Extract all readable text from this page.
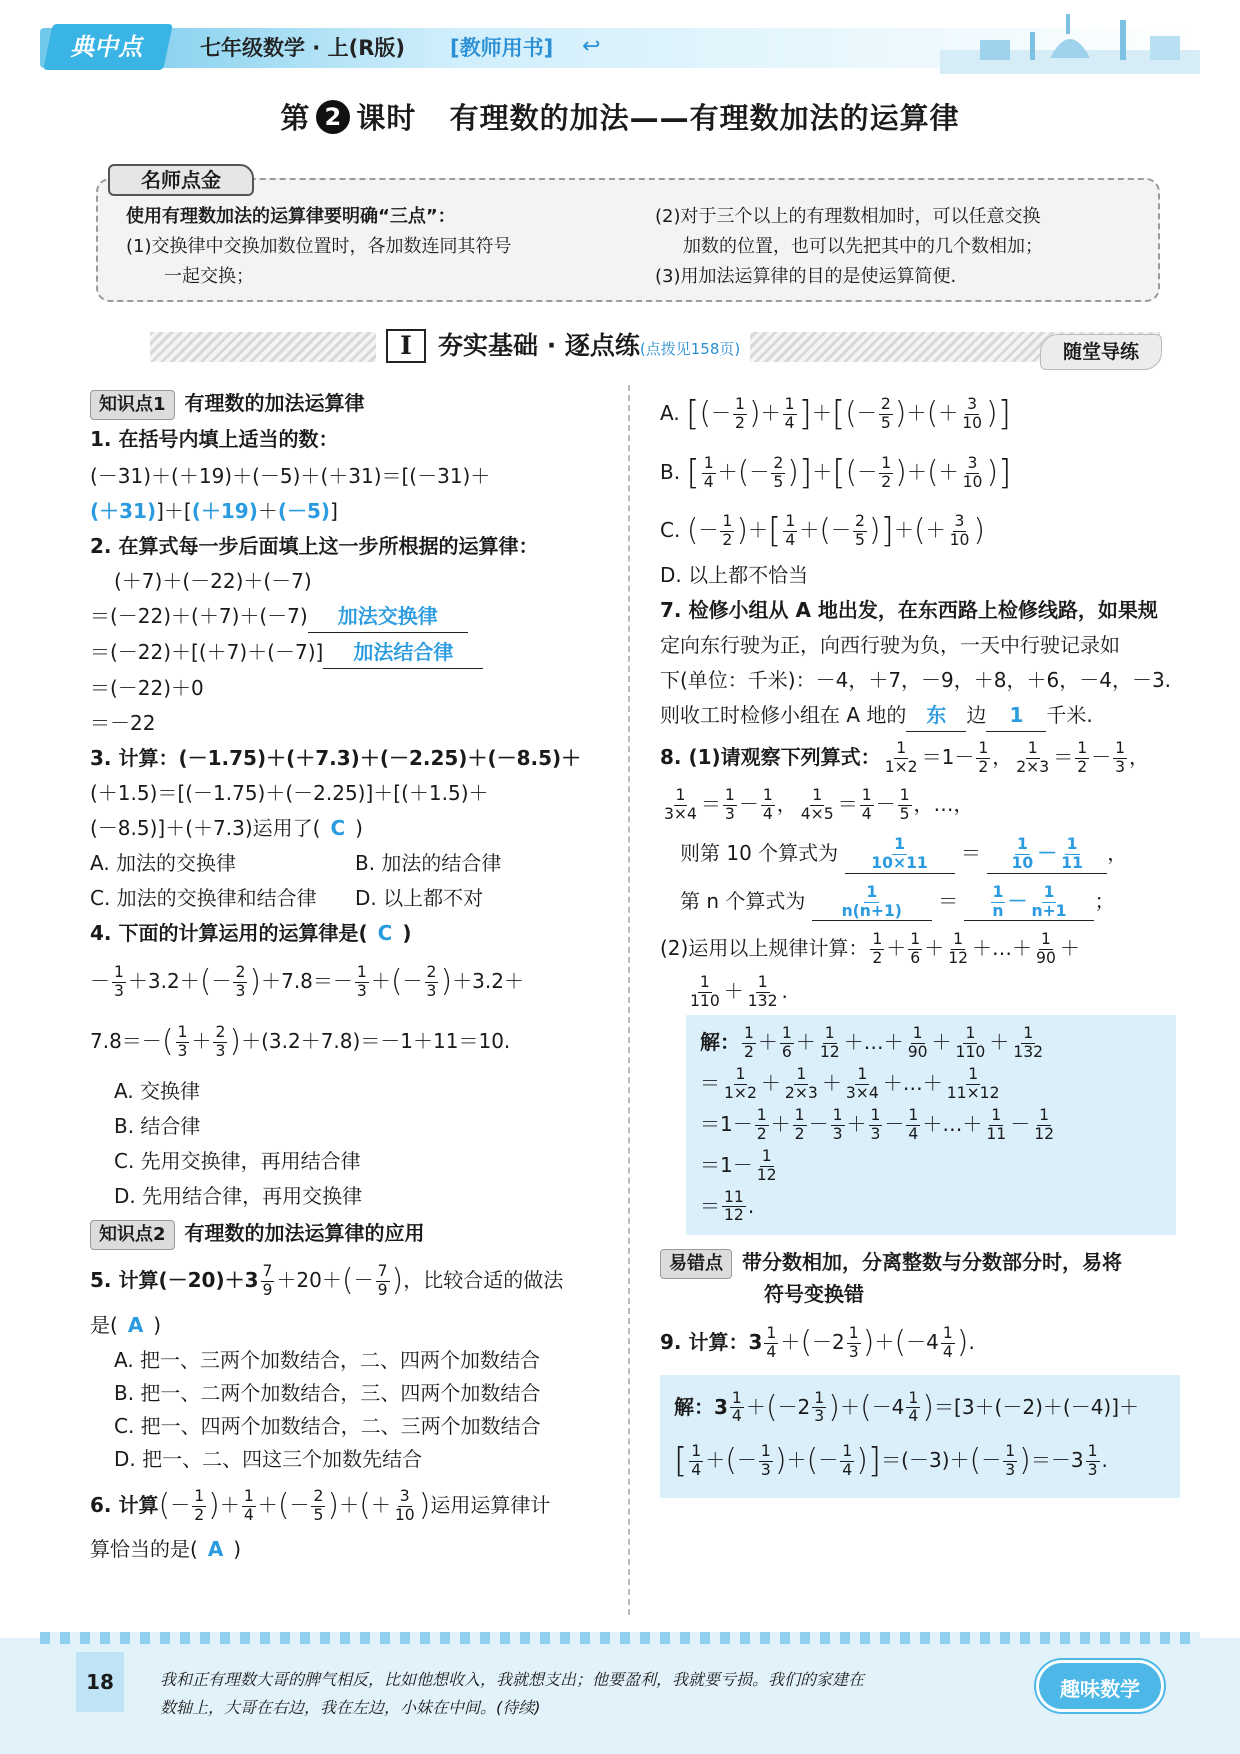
典中点	七年级数学 · 上(R版) [教师用书] ↩
第 2 课时 有理数的加法——有理数加法的运算律
名师点金
使用有理数加法的运算律要明确“三点”：
(1)交换律中交换加数位置时，各加数连同其符号
一起交换；
(2)对于三个以上的有理数相加时，可以任意交换
加数的位置，也可以先把其中的几个数相加；
(3)用加法运算律的目的是使运算简便.
I 夯实基础 · 逐点练(点拨见158页)	随堂导练
知识点1 有理数的加法运算律
1. 在括号内填上适当的数：
(－31)＋(＋19)＋(－5)＋(＋31)＝[(－31)＋
(＋31)]＋[(＋19)＋(－5)]
2. 在算式每一步后面填上这一步所根据的运算律：
(＋7)＋(－22)＋(－7)
＝(－22)＋(＋7)＋(－7) 加法交换律
＝(－22)＋[(＋7)＋(－7)] 加法结合律
＝(－22)＋0
＝－22
3. 计算：(－1.75)＋(＋7.3)＋(－2.25)＋(－8.5)＋
(＋1.5)＝[(－1.75)＋(－2.25)]＋[(＋1.5)＋
(－8.5)]＋(＋7.3)运用了( C )
A. 加法的交换律	B. 加法的结合律
C. 加法的交换律和结合律	D. 以上都不对
4. 下面的计算运用的运算律是( C )
－ $\frac{1}{3} +3.2+(- \frac{2}{3} )+7.8=- \frac{1}{3}$ ＋(－ $\frac{2}{3} )+3.2+$
$7.8=-( \frac{1}{3} + \frac{2}{3} )+(3.2+7.8)=-1+11=10$.
A. 交换律
B. 结合律
C. 先用交换律，再用结合律
D. 先用结合律，再用交换律
知识点2 有理数的加法运算律的应用
5. 计算$(-20)+3 \frac{7}{9} +20+(- \frac{7}{9}$ )，比较合适的做法
是( A )
A. 把一、三两个加数结合，二、四两个加数结合
B. 把一、二两个加数结合，三、四两个加数结合
C. 把一、四两个加数结合，二、三两个加数结合
D. 把一、二、四这三个加数先结合
6. 计算(－ $\frac{1}{2}$ )＋ $\frac{1}{4}$ ＋(－ $\frac{2}{5}$ )＋(＋ $\frac{3}{10}$ )运用运算律计
算恰当的是( A )
A. [(－ $\frac{1}{2}$ )＋ $\frac{1}{4}$ ]＋[(－ $\frac{2}{5}$ )＋(＋ $\frac{3}{10}$ )]
B. [ $\frac{1}{4}$ ＋(－ $\frac{2}{5}$ )]＋[(－ $\frac{1}{2}$ )＋(＋ $\frac{3}{10}$ )]
C. (－ $\frac{1}{2}$ )＋[ $\frac{1}{4}$ ＋(－ $\frac{2}{5}$ )]＋(＋ $\frac{3}{10}$ )
D. 以上都不恰当
7. 检修小组从 A 地出发，在东西路上检修线路，如果规
定向东行驶为正，向西行驶为负，一天中行驶记录如
下(单位：千米)：－4，＋7，－9，＋8，＋6，－4，－3.
则收工时检修小组在 A 地的 东 边 1 千米.
8. (1)请观察下列算式： $\frac{1}{1\times 2} =1- \frac{1}{2}$ ， $\frac{1}{2\times 3} = \frac{1}{2} - \frac{1}{3}$ ，
$\frac{1}{3\times 4} = \frac{1}{3} - \frac{1}{4}$ ， $\frac{1}{4\times 5} = \frac{1}{4} - \frac{1}{5}$ ，…，
则第 10 个算式为 $\frac{1}{10\times 11} = \frac{1}{10} - \frac{1}{11}$ ，
第 n 个算式为 $\frac{1}{n(n+1)} = \frac{1}{n} - \frac{1}{n+1}$ ；
(2)运用以上规律计算： $\frac{1}{2} + \frac{1}{6} + \frac{1}{12}$ ＋…＋ $\frac{1}{90}$ ＋
$\frac{1}{110} + \frac{1}{132}$ .
解： $\frac{1}{2} + \frac{1}{6} + \frac{1}{12}$ ＋…＋ $\frac{1}{90} + \frac{1}{110} + \frac{1}{132}$
＝ $\frac{1}{1\times 2} + \frac{1}{2\times 3} + \frac{1}{3\times 4}$ ＋…＋ $\frac{1}{11\times 12}$
$=1- \frac{1}{2} + \frac{1}{2} - \frac{1}{3} + \frac{1}{3} - \frac{1}{4}$ ＋…＋ $\frac{1}{11} - \frac{1}{12}$
$=1- \frac{1}{12}$
＝ $\frac{11}{12}$ .
易错点 带分数相加，分离整数与分数部分时，易将
符号变换错
9. 计算：$3 \frac{1}{4} +(-2 \frac{1}{3} )+(-4 \frac{1}{4}$ ).
解：$3 \frac{1}{4} +(-2 \frac{1}{3} )+(-4 \frac{1}{4} )=[3+(-2)+(-4)]+$
[ $\frac{1}{4}$ ＋(－ $\frac{1}{3}$ )＋(－ $\frac{1}{4} )]=(-3)+(- \frac{1}{3} )=-3 \frac{1}{3}$ .
18	我和正有理数大哥的脾气相反，比如他想收入，我就想支出；他要盈利，我就要亏损。我们的家建在
数轴上，大哥在右边，我在左边，小妹在中间。(待续)
趣味数学
